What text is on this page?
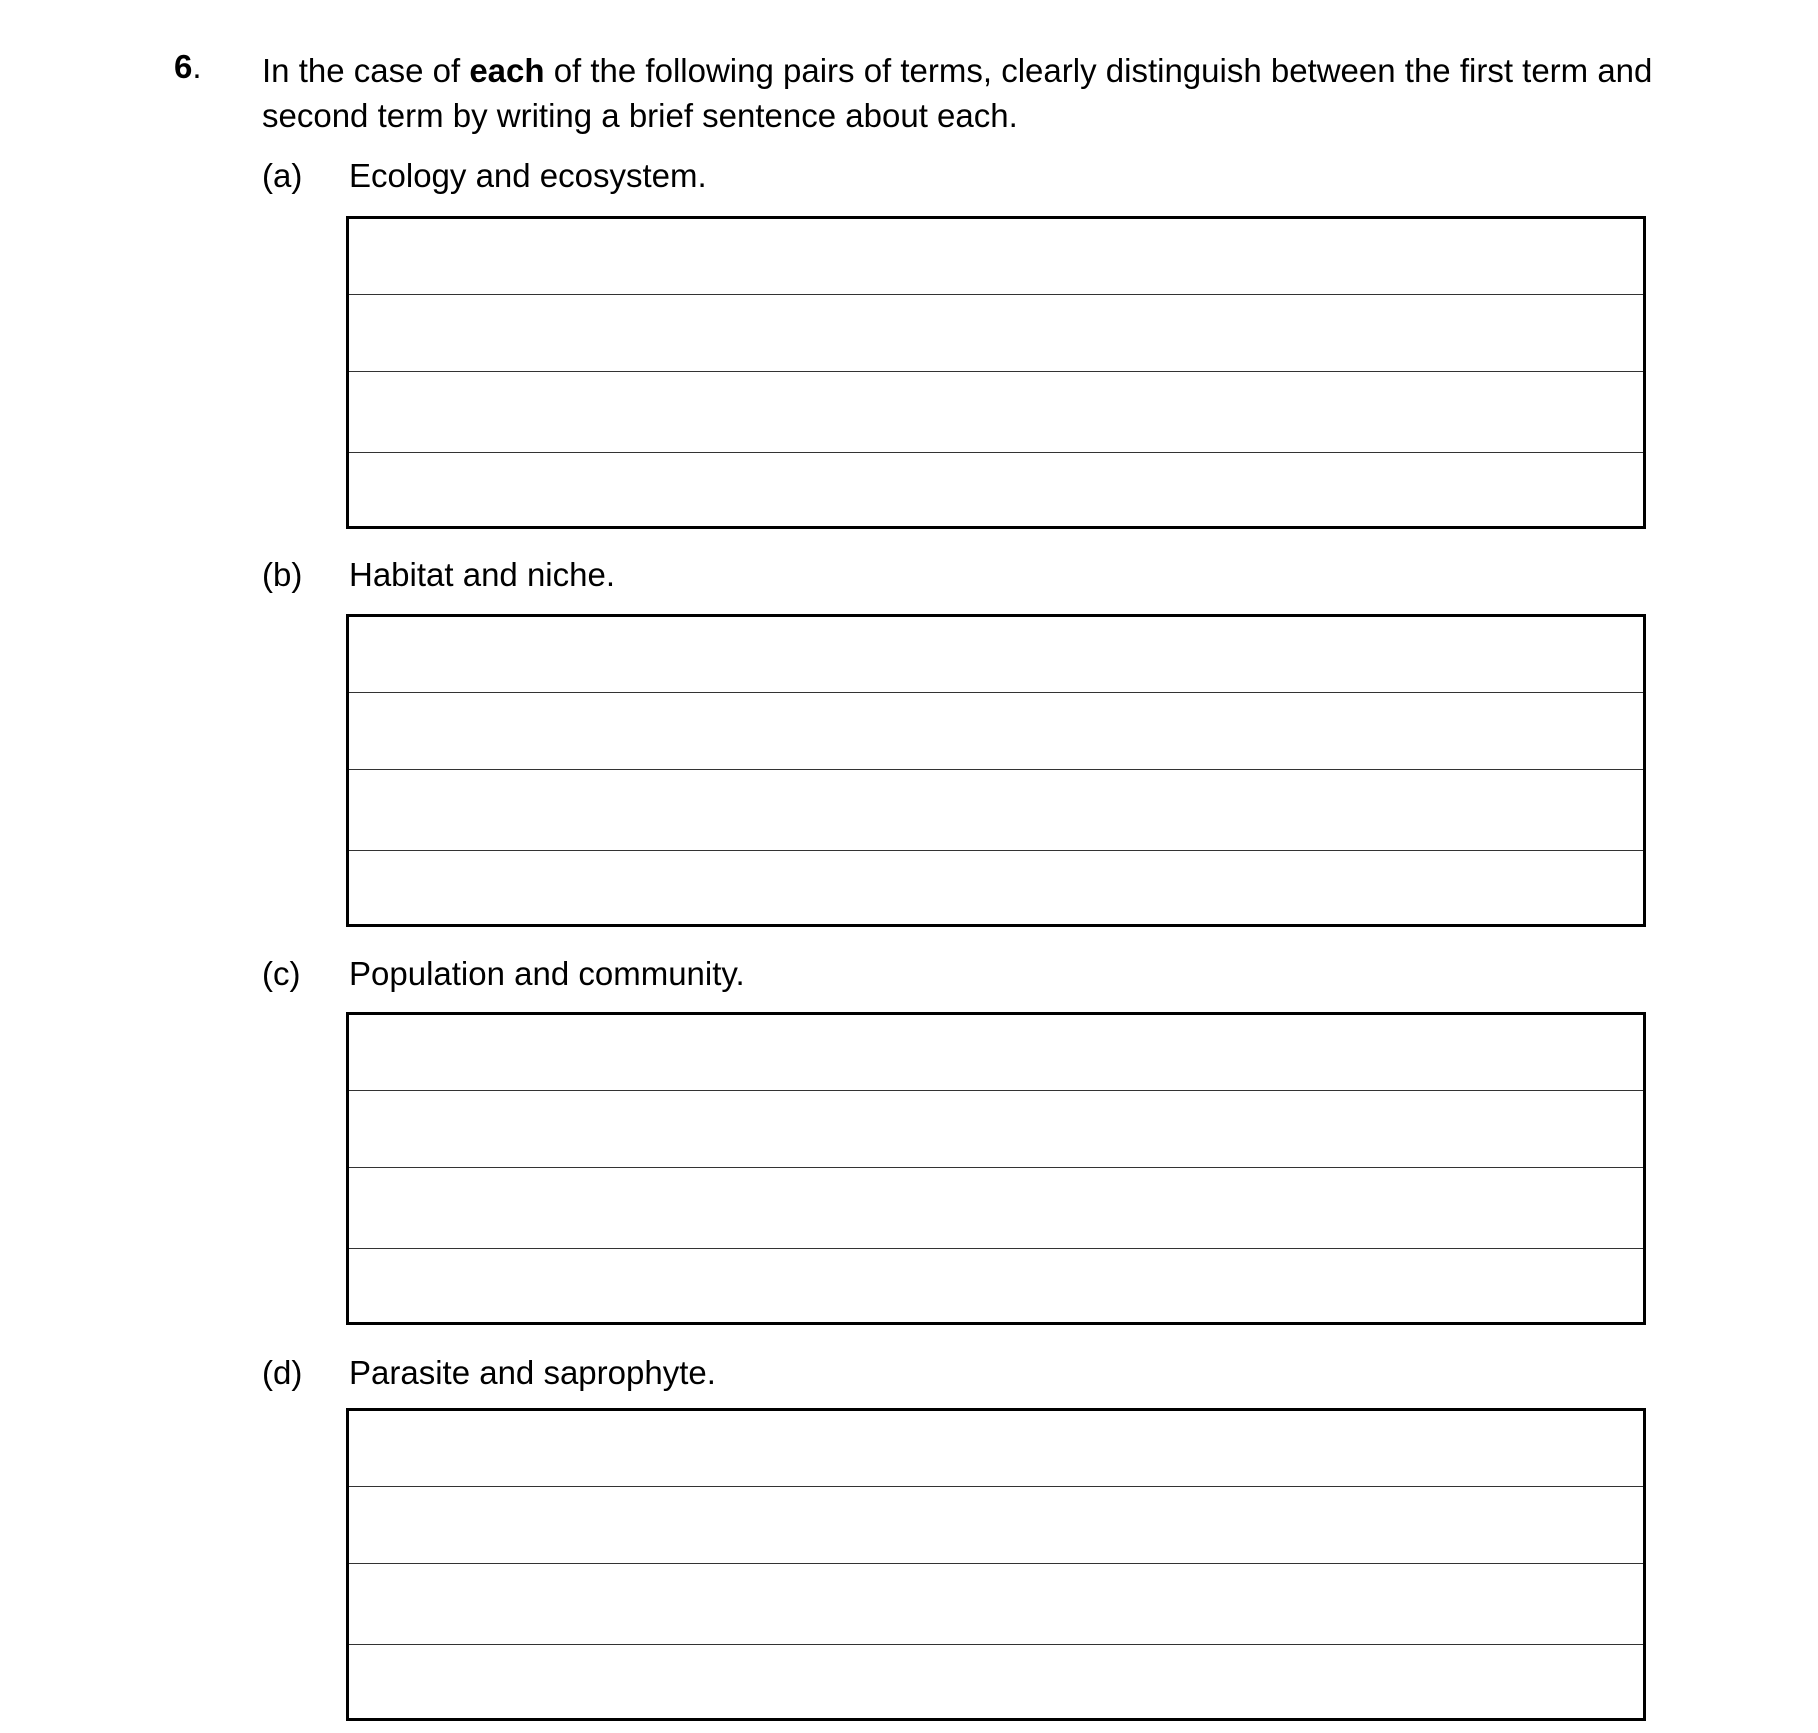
6. In the case of each of the following pairs of terms, clearly distinguish between the first term and second term by writing a brief sentence about each.
(a) Ecology and ecosystem.
(b) Habitat and niche.
(c) Population and community.
(d) Parasite and saprophyte.
